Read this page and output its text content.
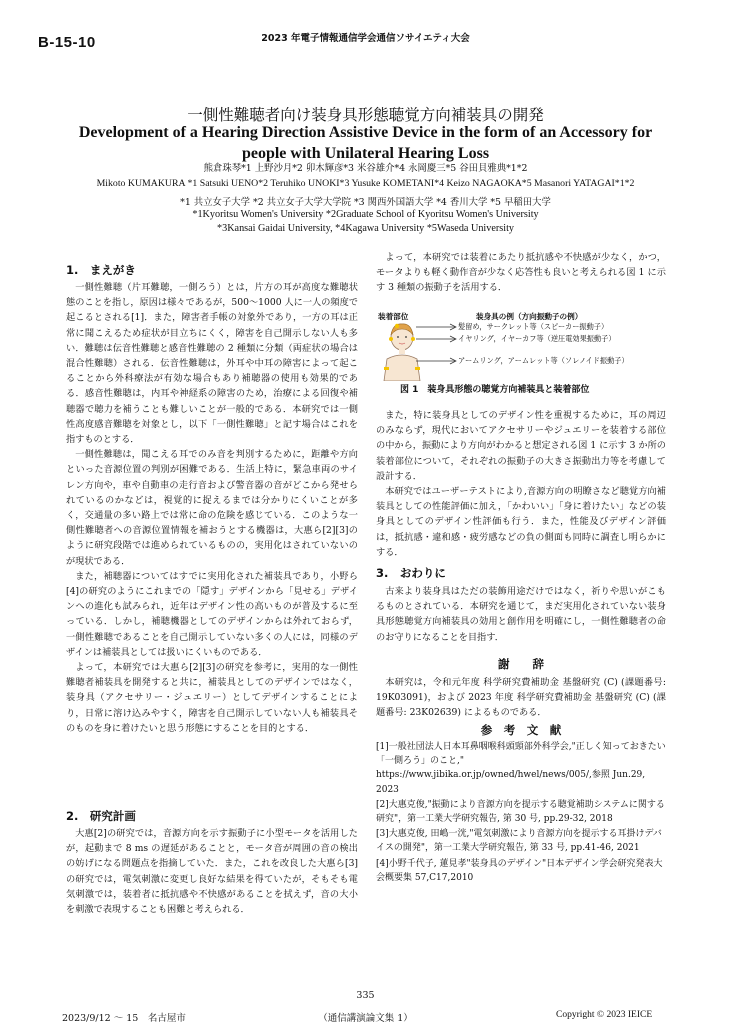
B-15-10	2023 年電子情報通信学会通信ソサイエティ大会
一側性難聴者向け装身具形態聴覚方向補装具の開発
Development of a Hearing Direction Assistive Device in the form of an Accessory for people with Unilateral Hearing Loss
熊倉珠琴*1 上野沙月*2 卯木輝彦*3 米谷雄介*4 永岡慶三*5 谷田貝雅典*1*2
Mikoto KUMAKURA *1 Satsuki UENO*2 Teruhiko UNOKI*3 Yusuke KOMETANI*4 Keizo NAGAOKA*5 Masanori YATAGAI*1*2
*1 共立女子大学 *2 共立女子大学大学院 *3 関西外国語大学 *4 香川大学 *5 早稲田大学
*1Kyoritsu Women's University *2Graduate School of Kyoritsu Women's University
*3Kansai Gaidai University, *4Kagawa University *5Waseda University
1.　まえがき

一側性難聴（片耳難聴，一側ろう）とは，片方の耳が高度な難聴状態のことを指し，原因は様々であるが，500～1000 人に一人の頻度で起こるとされる[1]．また，障害者手帳の対象外であり，一方の耳は正常に聞こえるため症状が目立ちにくく，障害を自己開示しない人も多い．難聴は伝音性難聴と感音性難聴の 2 種類に分類（両症状の場合は混合性難聴）される．伝音性難聴は，外耳や中耳の障害によって起こることから外科療法が有効な場合もあり補聴器の使用も効果的である．感音性難聴は，内耳や神経系の障害のため，治療による回復や補聴器で聴力を補うことも難しいことが一般的である．本研究では一側性高度感音難聴を対象とし，以下「一側性難聴」と記す場合はこれを指すものとする．

一側性難聴は，聞こえる耳でのみ音を判別するために，距離や方向といった音源位置の判別が困難である．生活上特に，緊急車両のサイレン方向や，車や自動車の走行音および警音器の音がどこから発せられているのかなどは，視覚的に捉えるまでは分かりにくいことが多く，交通量の多い路上では常に命の危険を感じている．このような一側性難聴者への音源位置情報を補おうとする機器は，大惠ら[2][3]のように研究段階では進められているものの，実用化はされていないのが現状である．

また，補聴器についてはすでに実用化された補装具であり，小野ら[4]の研究のようにこれまでの「隠す」デザインから「見せる」デザインへの進化も試みられ，近年はデザイン性の高いものが普及するに至っている．しかし，補聴機器としてのデザインからは外れておらず，一側性難聴であることを自己開示していない多くの人には，同様のデザインは補装具としては扱いにくいものである．

よって，本研究では大惠ら[2][3]の研究を参考に，実用的な一側性難聴者補装具を開発すると共に，補装具としてのデザインではなく，装身具（アクセサリー・ジュエリー）としてデザインすることにより，日常に溶け込みやすく，障害を自己開示していない人も補装具そのものを身に着けたいと思う形態にすることを目的とする．

2.　研究計画

大惠[2]の研究では，音源方向を示す振動子に小型モータを活用したが，起動まで 8 ms の遅延があることと，モータ音が周囲の音の検出の妨げになる問題点を指摘していた．また，これを改良した大惠ら[3]の研究では，電気刺激に変更し良好な結果を得ていたが，そもそも電気刺激では，装着者に抵抗感や不快感があることを拭えず，音の大小を刺激で表現することも困難と考えられる．

よって，本研究では装着にあたり抵抗感や不快感が少なく，かつ，モータよりも軽く動作音が少なく応答性も良いと考えられる図 1 に示す 3 種類の振動子を活用する．

装着部位	装身具の例（方向振動子の例）
髪留め，サークレット等（スピーカー振動子）
イヤリング，イヤーカフ等（逆圧電効果振動子）
アームリング，アームレット等（ソレノイド振動子）
図 1　装身具形態の聴覚方向補装具と装着部位

また，特に装身具としてのデザイン性を重視するために，耳の周辺のみならず，現代においてアクセサリーやジュエリーを装着する部位の中から，振動により方向がわかると想定される図 1 に示す 3 か所の装着部位について，それぞれの振動子の大きさ振動出力等を考慮して設計する．

本研究ではユーザーテストにより,音源方向の明瞭さなど聴覚方向補装具としての性能評価に加え，「かわいい」「身に着けたい」などの装身具としてのデザイン性評価も行う．また，性能及びデザイン評価は，抵抗感・違和感・疲労感などの負の側面も同時に調査し明らかにする．

3.　おわりに

古来より装身具はただの装飾用途だけではなく，祈りや思いがこもるものとされている．本研究を通じて，まだ実用化されていない装身具形態聴覚方向補装具の効用と創作用を明確にし，一側性難聴者の命のお守りになることを目指す．

謝　　辞

本研究は，令和元年度 科学研究費補助金 基盤研究 (C) (課題番号: 19K03091)，および 2023 年度 科学研究費補助金 基盤研究 (C) (課題番号: 23K02639) によるものである．

参　考　文　献

[1]一般社団法人日本耳鼻咽喉科頭頸部外科学会,"正しく知っておきたい「一側ろう」のこと," https://www.jibika.or.jp/owned/hwel/news/005/,参照 Jun.29, 2023

[2]大惠克俊,"振動により音源方向を提示する聴覚補助システムに関する研究"，第一工業大学研究報告, 第 30 号, pp.29-32, 2018

[3]大惠克俊, 田嶋一洸,"電気刺激により音源方向を提示する耳掛けデバイスの開発"，第一工業大学研究報告, 第 33 号, pp.41-46, 2021

[4]小野千代子, 蓮見孝"装身具のデザイン"日本デザイン学会研究発表大会概要集 57,C17,2010

335
2023/9/12 ～ 15　名古屋市	（通信講演論文集 1）	Copyright © 2023 IEICE
